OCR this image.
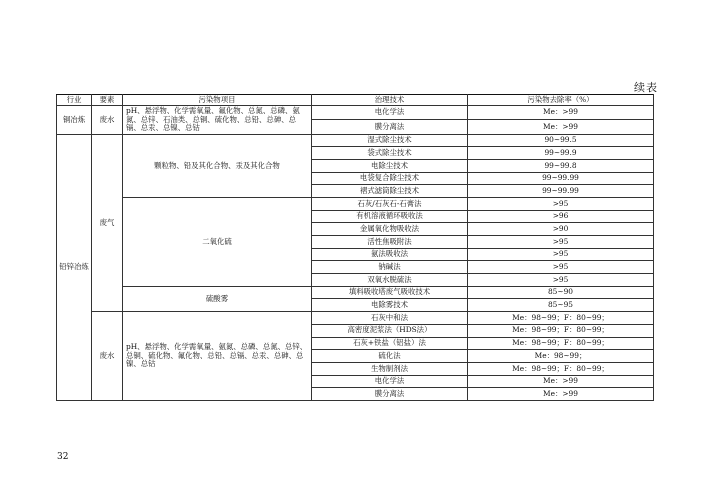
续表
行业	要素	污染物项目	治理技术	污染物去除率（%）
铜冶炼	废水	pH、悬浮物、化学需氧量、氟化物、总氮、总磷、氨氮、总锌、石油类、总铜、硫化物、总铅、总砷、总镉、总汞、总镍、总钴	电化学法	Me：>99
			膜分离法	Me：>99
铅锌冶炼	废气	颗粒物、铅及其化合物、汞及其化合物	湿式除尘技术	90~99.5
			袋式除尘技术	99~99.9
			电除尘技术	99~99.8
			电袋复合除尘技术	99~99.99
			褶式滤筒除尘技术	99~99.99
		二氧化硫	石灰/石灰石-石膏法	>95
			有机溶液循环吸收法	>96
			金属氧化物吸收法	>90
			活性焦吸附法	>95
			氨法吸收法	>95
			钠碱法	>95
			双氧水脱硫法	>95
		硫酸雾	填料吸收塔废气吸收技术	85~90
			电除雾技术	85~95
	废水	pH、悬浮物、化学需氧量、氨氮、总磷、总氮、总锌、总铜、硫化物、氟化物、总铅、总镉、总汞、总砷、总镍、总钴	石灰中和法	Me：98~99；F：80~99；
			高密度泥浆法（HDS法）	Me：98~99；F：80~99；
			石灰+铁盐（铝盐）法	Me：98~99；F：80~99；
			硫化法	Me：98~99；
			生物制剂法	Me：98~99；F：80~99；
			电化学法	Me：>99
			膜分离法	Me：>99
32
